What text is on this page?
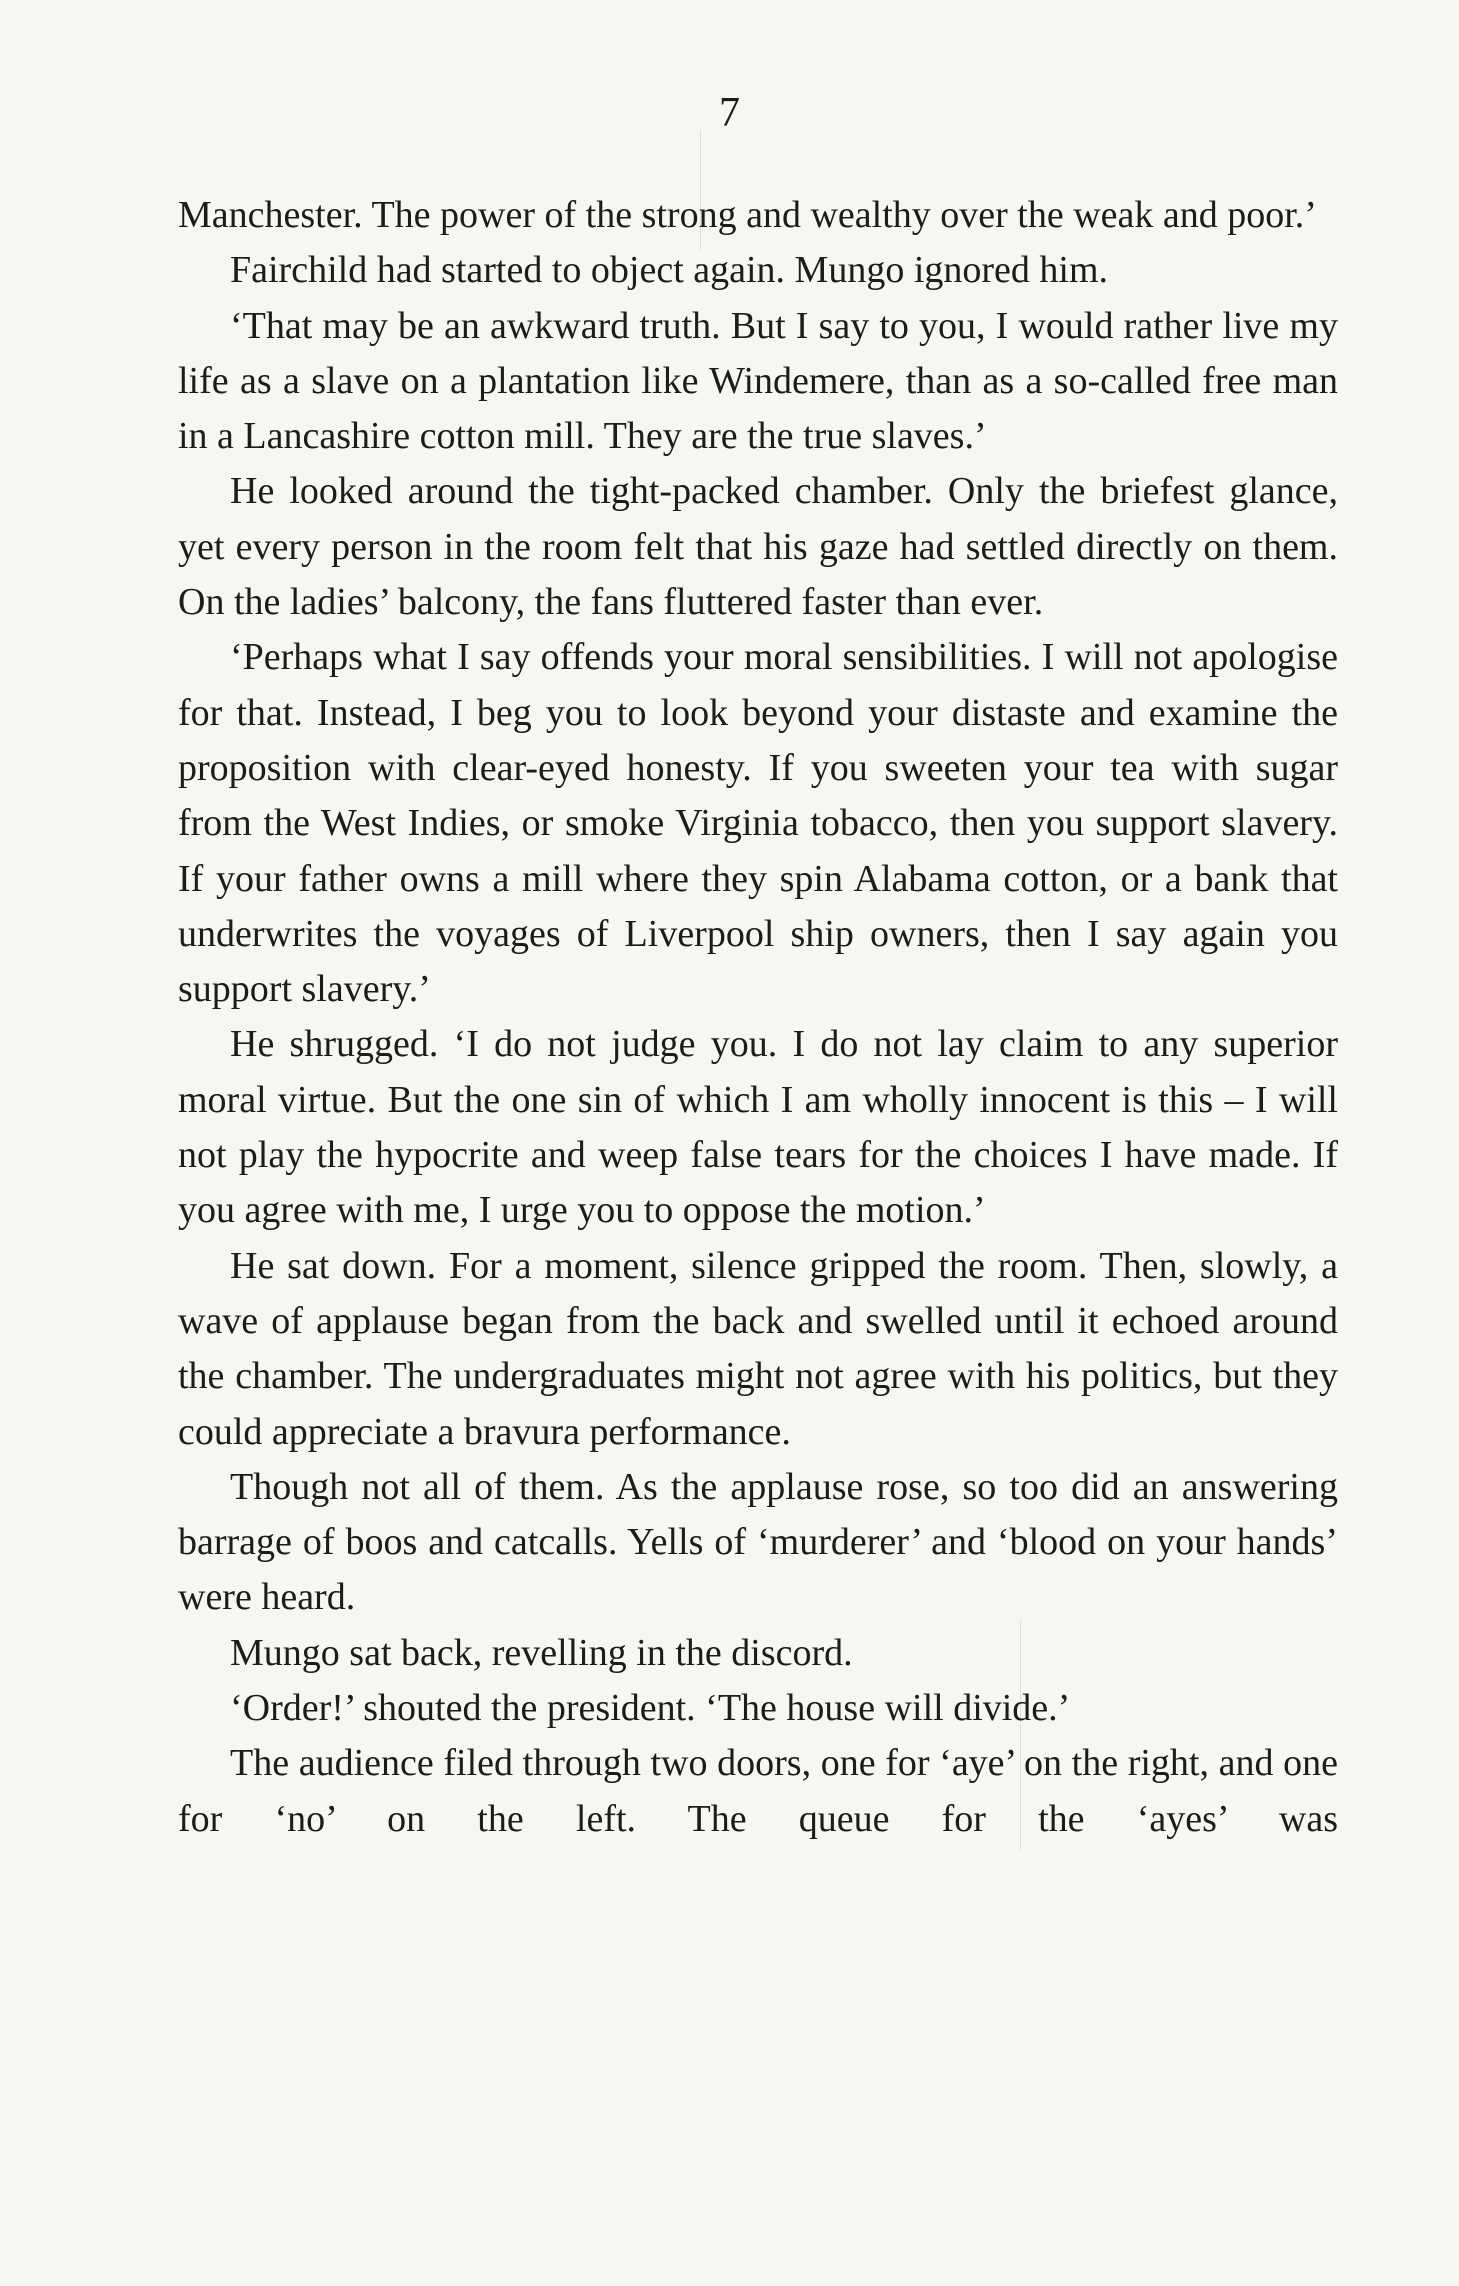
7

Manchester. The power of the strong and wealthy over the weak and poor.’

Fairchild had started to object again. Mungo ignored him.

‘That may be an awkward truth. But I say to you, I would rather live my life as a slave on a plantation like Windemere, than as a so-called free man in a Lancashire cotton mill. They are the true slaves.’

He looked around the tight-packed chamber. Only the briefest glance, yet every person in the room felt that his gaze had settled directly on them. On the ladies’ balcony, the fans fluttered faster than ever.

‘Perhaps what I say offends your moral sensibilities. I will not apologise for that. Instead, I beg you to look beyond your distaste and examine the proposition with clear-eyed honesty. If you sweeten your tea with sugar from the West Indies, or smoke Virginia tobacco, then you support slavery. If your father owns a mill where they spin Alabama cotton, or a bank that underwrites the voyages of Liverpool ship owners, then I say again you support slavery.’

He shrugged. ‘I do not judge you. I do not lay claim to any superior moral virtue. But the one sin of which I am wholly innocent is this – I will not play the hypocrite and weep false tears for the choices I have made. If you agree with me, I urge you to oppose the motion.’

He sat down. For a moment, silence gripped the room. Then, slowly, a wave of applause began from the back and swelled until it echoed around the chamber. The undergraduates might not agree with his politics, but they could appreciate a bravura performance.

Though not all of them. As the applause rose, so too did an answering barrage of boos and catcalls. Yells of ‘murderer’ and ‘blood on your hands’ were heard.

Mungo sat back, revelling in the discord.

‘Order!’ shouted the president. ‘The house will divide.’

The audience filed through two doors, one for ‘aye’ on the right, and one for ‘no’ on the left. The queue for the ‘ayes’ was
